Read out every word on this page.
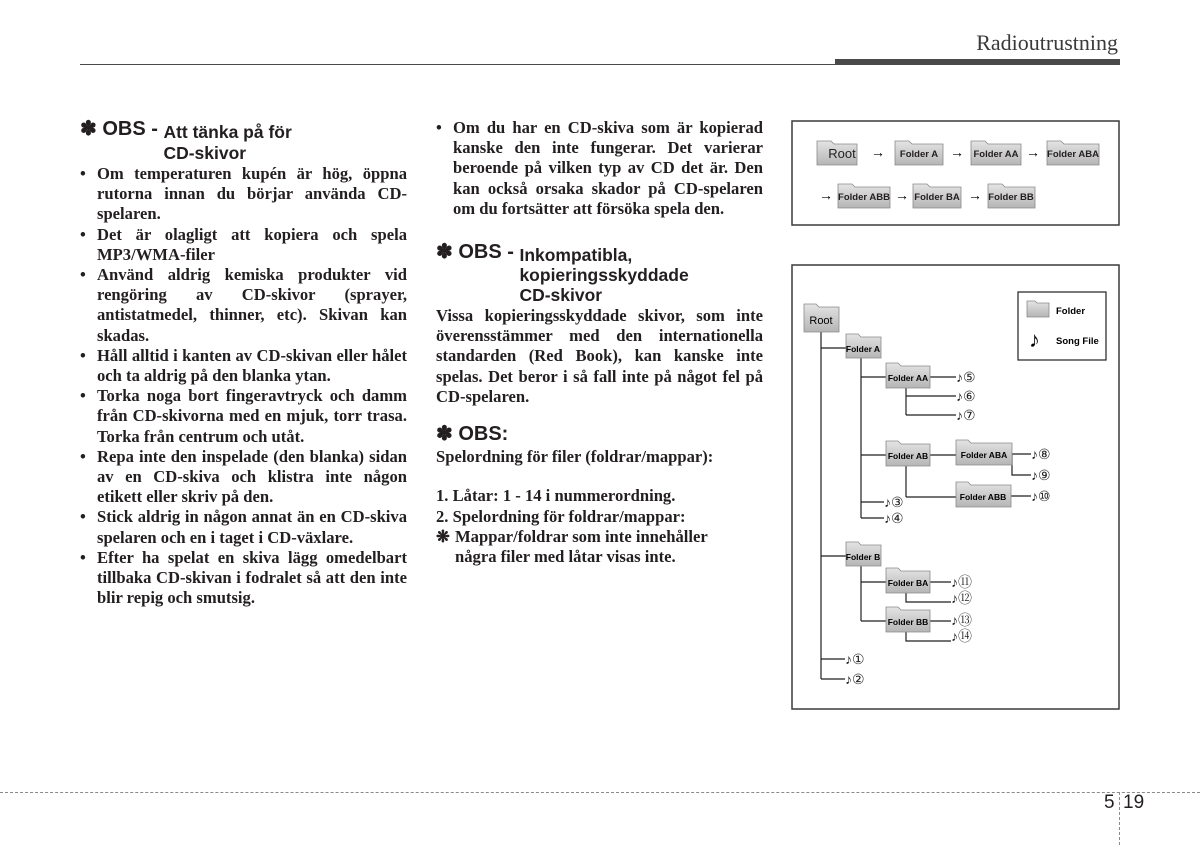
Radioutrustning
✽ OBS - Att tänka på för
CD-skivor
• Om temperaturen kupén är hög, öppna rutorna innan du börjar använda CD-spelaren.
• Det är olagligt att kopiera och spela MP3/WMA-filer
• Använd aldrig kemiska produkter vid rengöring av CD-skivor (sprayer, antistatmedel, thinner, etc). Skivan kan skadas.
• Håll alltid i kanten av CD-skivan eller hålet och ta aldrig på den blanka ytan.
• Torka noga bort fingeravtryck och damm från CD-skivorna med en mjuk, torr trasa. Torka från centrum och utåt.
• Repa inte den inspelade (den blanka) sidan av en CD-skiva och klistra inte någon etikett eller skriv på den.
• Stick aldrig in någon annat än en CD-skiva spelaren och en i taget i CD-växlare.
• Efter ha spelat en skiva lägg omedelbart tillbaka CD-skivan i fodralet så att den inte blir repig och smutsig.
• Om du har en CD-skiva som är kopierad kanske den inte fungerar. Det varierar beroende på vilken typ av CD det är. Den kan också orsaka skador på CD-spelaren om du fortsätter att försöka spela den.
✽ OBS - Inkompatibla,
kopieringsskyddade
CD-skivor

Vissa kopieringsskyddade skivor, som inte överensstämmer med den internationella standarden (Red Book), kan kanske inte spelas. Det beror i så fall inte på något fel på CD-spelaren.

✽ OBS:

Spelordning för filer (foldrar/mappar):

1. Låtar: 1 - 14 i nummerordning.

2. Spelordning för foldrar/mappar:

❋ Mappar/foldrar som inte innehåller
några filer med låtar visas inte.
Root → Folder A → Folder AA → Folder ABA
→ Folder ABB → Folder BA → Folder BB
Root
Folder A
Folder AA
Folder AB	Folder ABA
Folder ABB
Folder B
Folder BA
Folder BB
♪⑤
♪⑥
♪⑦
♪⑧
♪⑨
♪⑩
♪③
♪④
♪⑪
♪⑫
♪⑬
♪⑭
♪①
♪②
Folder
♪ Song File
5 19
